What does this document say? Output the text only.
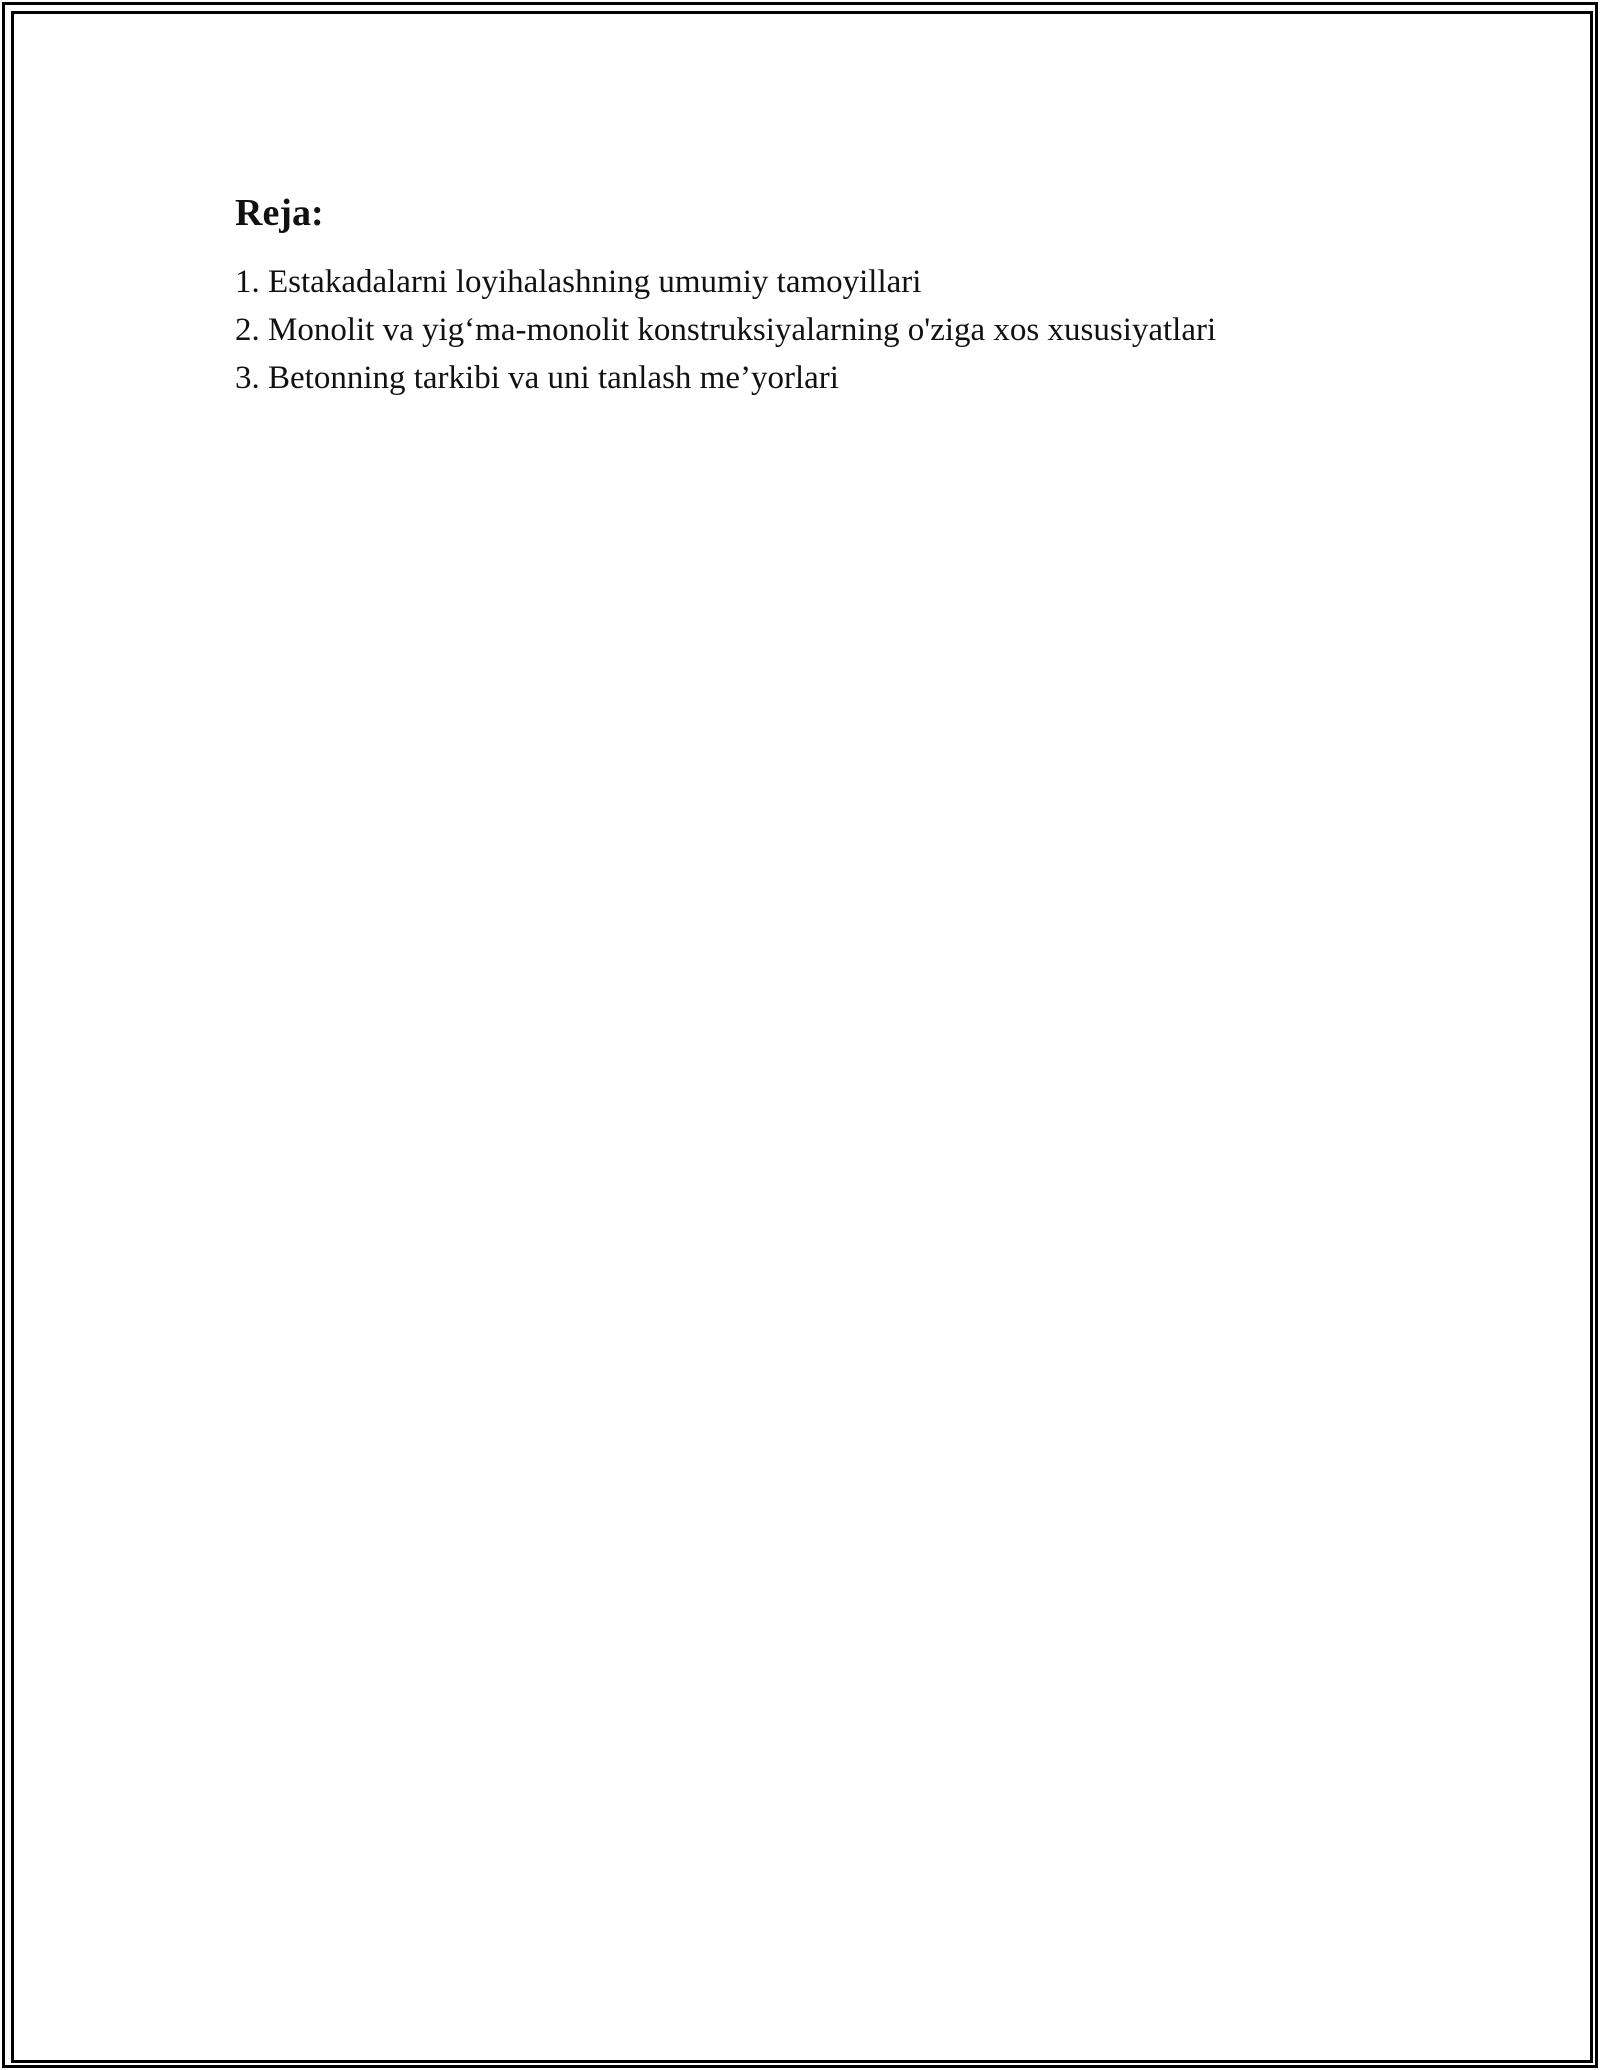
Reja:
1. Estakadalarni loyihalashning umumiy tamoyillari
2. Monolit va yig‘ma-monolit konstruksiyalarning o'ziga xos xususiyatlari
3. Betonning tarkibi va uni tanlash me’yorlari
